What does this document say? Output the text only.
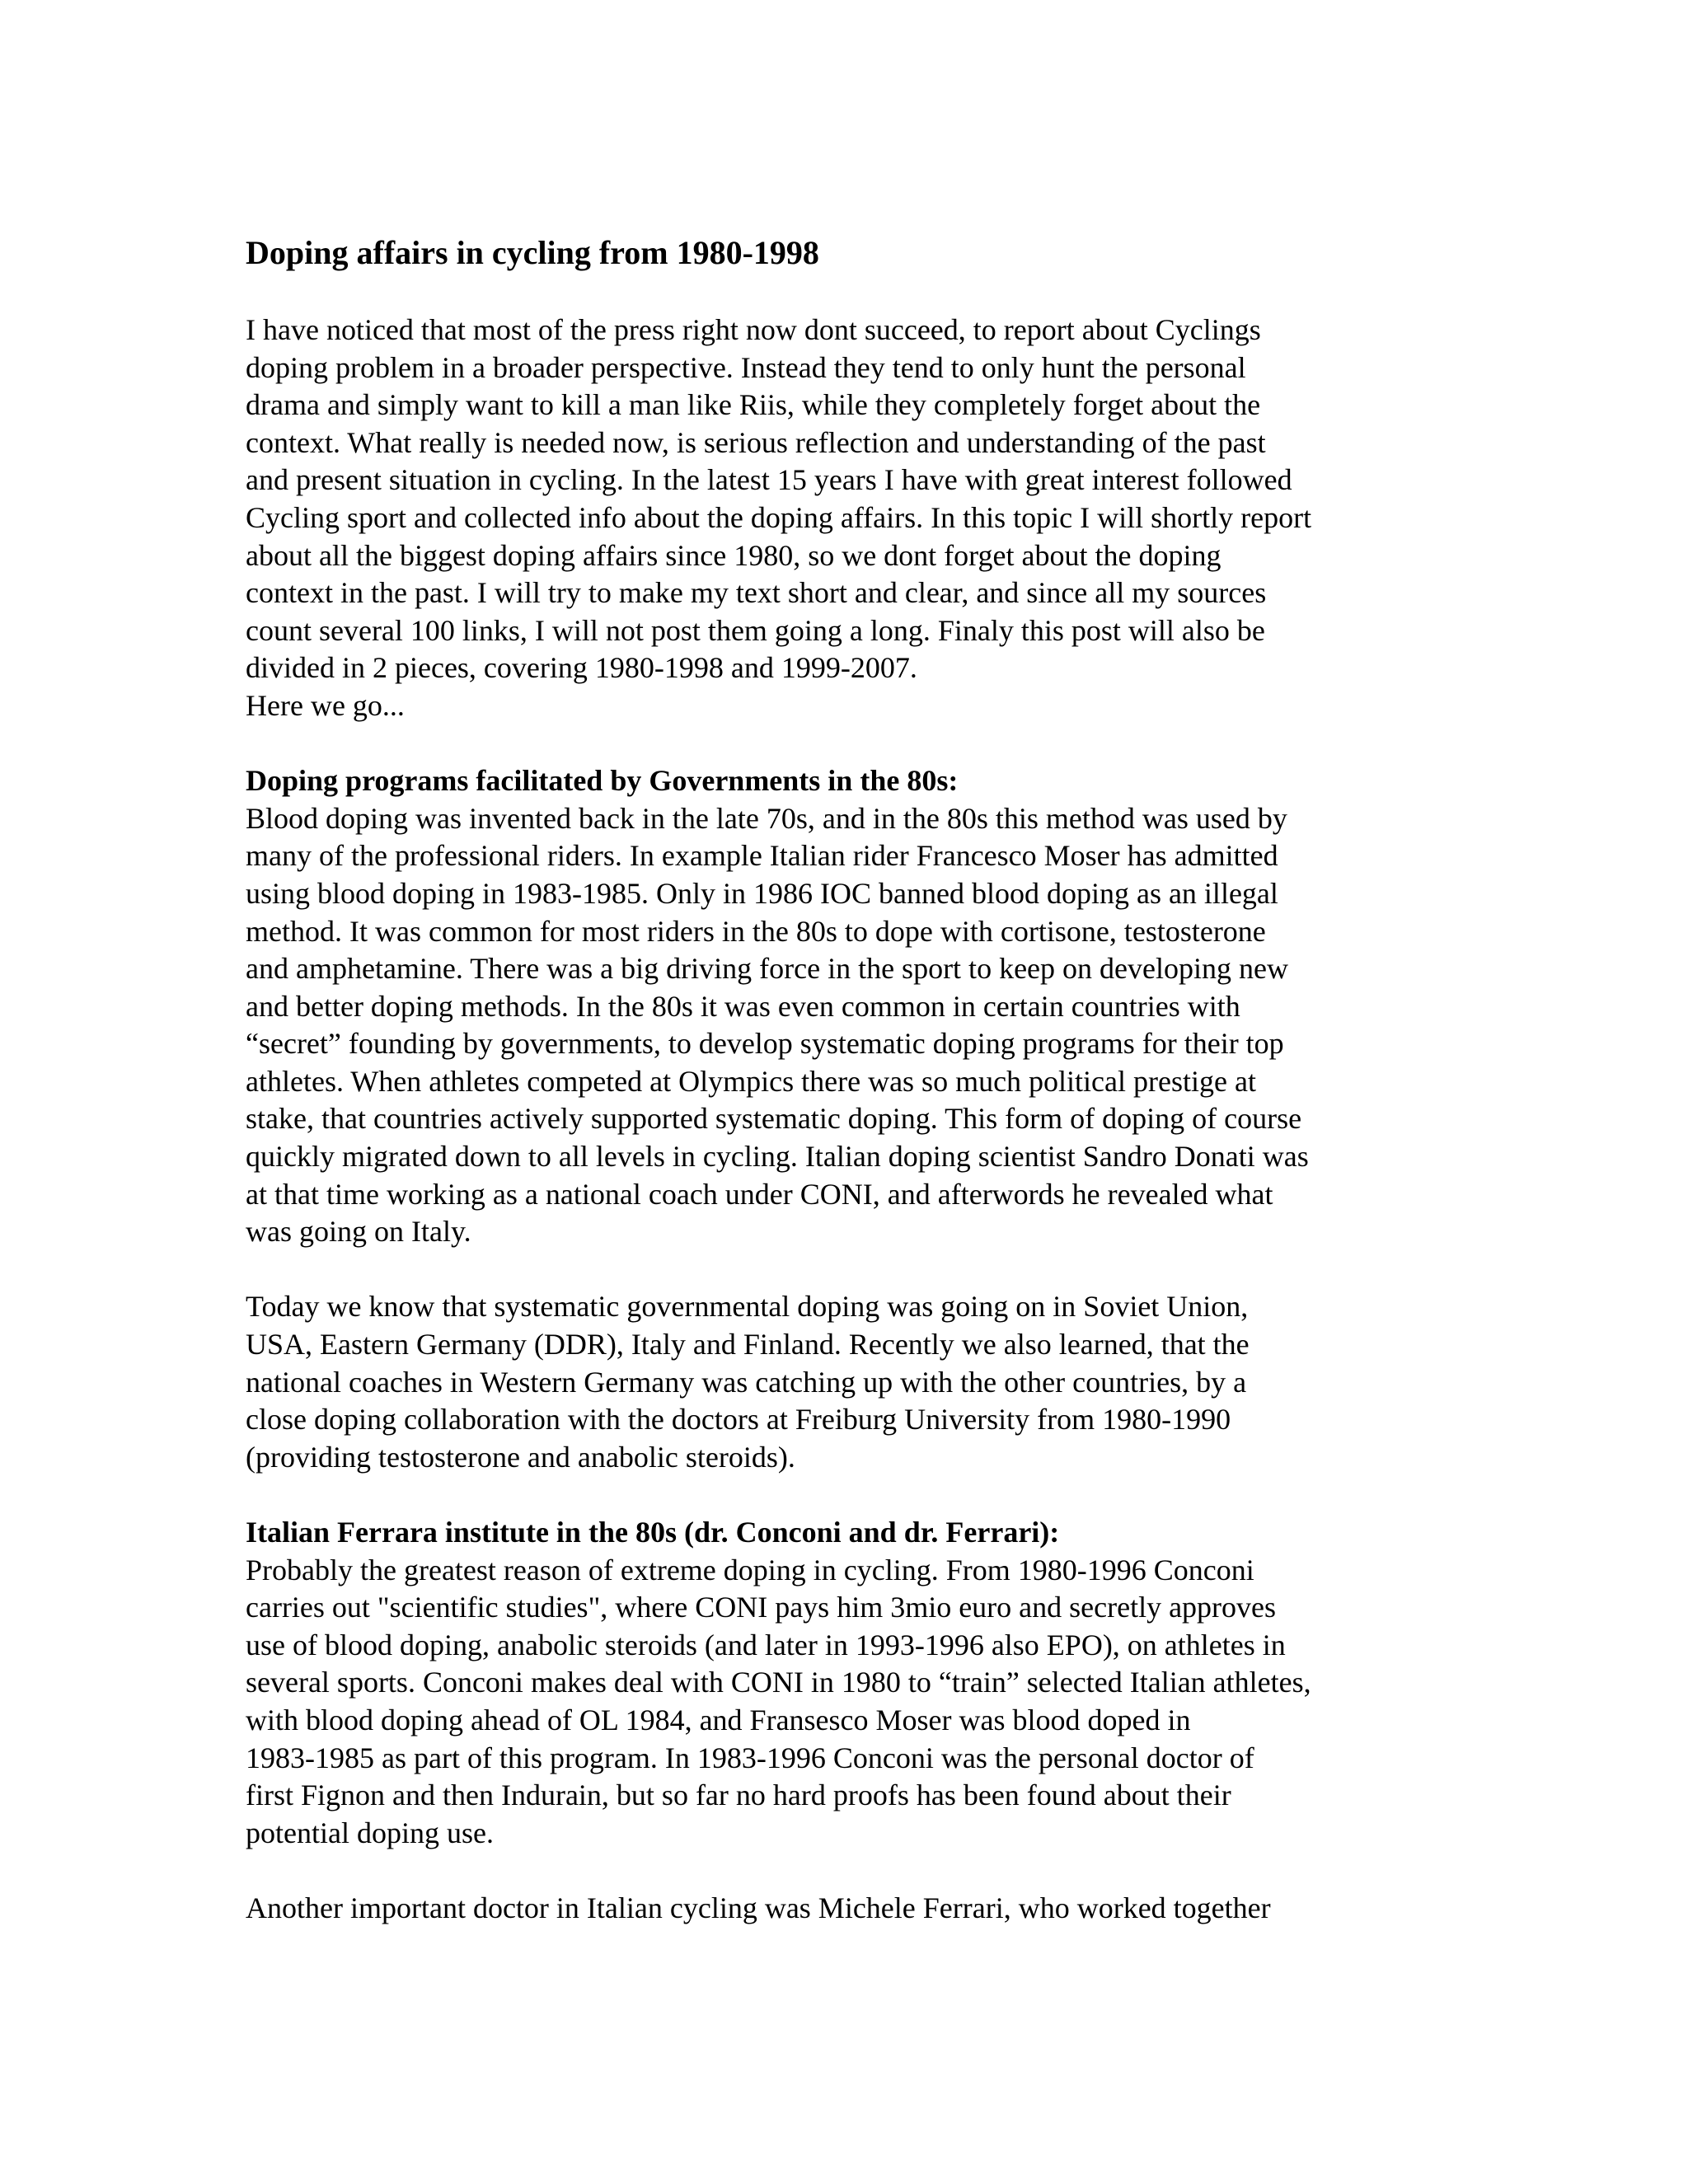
Doping affairs in cycling from 1980-1998
I have noticed that most of the press right now dont succeed, to report about Cyclings
doping problem in a broader perspective. Instead they tend to only hunt the personal
drama and simply want to kill a man like Riis, while they completely forget about the
context. What really is needed now, is serious reflection and understanding of the past
and present situation in cycling. In the latest 15 years I have with great interest followed
Cycling sport and collected info about the doping affairs. In this topic I will shortly report
about all the biggest doping affairs since 1980, so we dont forget about the doping
context in the past. I will try to make my text short and clear, and since all my sources
count several 100 links, I will not post them going a long. Finaly this post will also be
divided in 2 pieces, covering 1980-1998 and 1999-2007.
Here we go...
Doping programs facilitated by Governments in the 80s:
Blood doping was invented back in the late 70s, and in the 80s this method was used by
many of the professional riders. In example Italian rider Francesco Moser has admitted
using blood doping in 1983-1985. Only in 1986 IOC banned blood doping as an illegal
method. It was common for most riders in the 80s to dope with cortisone, testosterone
and amphetamine. There was a big driving force in the sport to keep on developing new
and better doping methods. In the 80s it was even common in certain countries with
“secret” founding by governments, to develop systematic doping programs for their top
athletes. When athletes competed at Olympics there was so much political prestige at
stake, that countries actively supported systematic doping. This form of doping of course
quickly migrated down to all levels in cycling. Italian doping scientist Sandro Donati was
at that time working as a national coach under CONI, and afterwords he revealed what
was going on Italy.
Today we know that systematic governmental doping was going on in Soviet Union,
USA, Eastern Germany (DDR), Italy and Finland. Recently we also learned, that the
national coaches in Western Germany was catching up with the other countries, by a
close doping collaboration with the doctors at Freiburg University from 1980-1990
(providing testosterone and anabolic steroids).
Italian Ferrara institute in the 80s (dr. Conconi and dr. Ferrari):
Probably the greatest reason of extreme doping in cycling. From 1980-1996 Conconi
carries out "scientific studies", where CONI pays him 3mio euro and secretly approves
use of blood doping, anabolic steroids (and later in 1993-1996 also EPO), on athletes in
several sports. Conconi makes deal with CONI in 1980 to “train” selected Italian athletes,
with blood doping ahead of OL 1984, and Fransesco Moser was blood doped in
1983-1985 as part of this program. In 1983-1996 Conconi was the personal doctor of
first Fignon and then Indurain, but so far no hard proofs has been found about their
potential doping use.
Another important doctor in Italian cycling was Michele Ferrari, who worked together
